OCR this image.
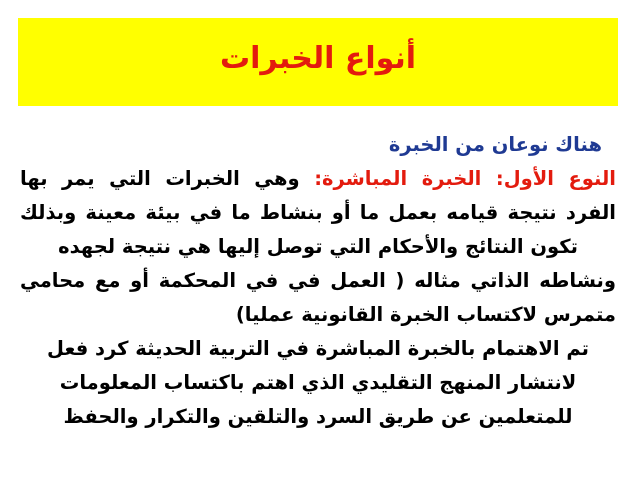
أنواع الخبرات
هناك نوعان من الخبرة
النوع الأول: الخبرة المباشرة: وهي الخبرات التي يمر بها
الفرد نتيجة قيامه بعمل ما أو بنشاط ما في بيئة معينة وبذلك
تكون النتائج والأحكام التي توصل إليها هي نتيجة لجهده
ونشاطه الذاتي مثاله ( العمل في في المحكمة أو مع محامي
متمرس لاكتساب الخبرة القانونية عمليا)
تم الاهتمام بالخبرة المباشرة في التربية الحديثة كرد فعل
لانتشار المنهج التقليدي الذي اهتم باكتساب المعلومات
للمتعلمين عن طريق السرد والتلقين والتكرار والحفظ
